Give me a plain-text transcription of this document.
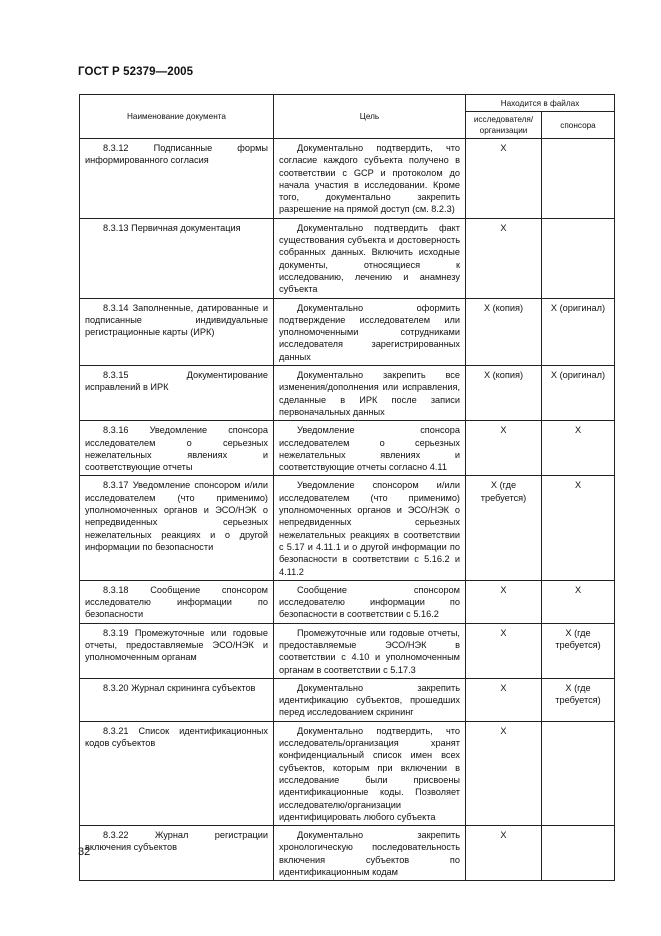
ГОСТ Р 52379—2005
Наименование документа	Цель	Находится в файлах	
		исследователя/ организации	спонсора
8.3.12 Подписанные формы информированного согласия	Документально подтвердить, что согласие каждого субъекта получено в соответствии с GCP и протоколом до начала участия в исследовании. Кроме того, документально закрепить разрешение на прямой доступ (см. 8.2.3)	X	
8.3.13 Первичная документация	Документально подтвердить факт существования субъекта и достоверность собранных данных. Включить исходные документы, относящиеся к исследованию, лечению и анамнезу субъекта	X	
8.3.14 Заполненные, датированные и подписанные индивидуальные регистрационные карты (ИРК)	Документально оформить подтверждение исследователем или уполномоченными сотрудниками исследователя зарегистрированных данных	X (копия)	X (оригинал)
8.3.15 Документирование исправлений в ИРК	Документально закрепить все изменения/дополнения или исправления, сделанные в ИРК после записи первоначальных данных	X (копия)	X (оригинал)
8.3.16 Уведомление спонсора исследователем о серьезных нежелательных явлениях и соответствующие отчеты	Уведомление спонсора исследователем о серьезных нежелательных явлениях и соответствующие отчеты согласно 4.11	X	X
8.3.17 Уведомление спонсором и/или исследователем (что применимо) уполномоченных органов и ЭСО/НЭК о непредвиденных серьезных нежелательных реакциях и о другой информации по безопасности	Уведомление спонсором и/или исследователем (что применимо) уполномоченных органов и ЭСО/НЭК о непредвиденных серьезных нежелательных реакциях в соответствии с 5.17 и 4.11.1 и о другой информации по безопасности в соответствии с 5.16.2 и 4.11.2	X (где требуется)	X
8.3.18 Сообщение спонсором исследователю информации по безопасности	Сообщение спонсором исследователю информации по безопасности в соответствии с 5.16.2	X	X
8.3.19 Промежуточные или годовые отчеты, предоставляемые ЭСО/НЭК и уполномоченным органам	Промежуточные или годовые отчеты, предоставляемые ЭСО/НЭК в соответствии с 4.10 и уполномоченным органам в соответствии с 5.17.3	X	X (где требуется)
8.3.20 Журнал скрининга субъектов	Документально закрепить идентификацию субъектов, прошедших перед исследованием скрининг	X	X (где требуется)
8.3.21 Список идентификационных кодов субъектов	Документально подтвердить, что исследователь/организация хранят конфиденциальный список имен всех субъектов, которым при включении в исследование были присвоены идентификационные коды. Позволяет исследователю/организации идентифицировать любого субъекта	X	
8.3.22 Журнал регистрации включения субъектов	Документально закрепить хронологическую последовательность включения субъектов по идентификационным кодам	X	
32
